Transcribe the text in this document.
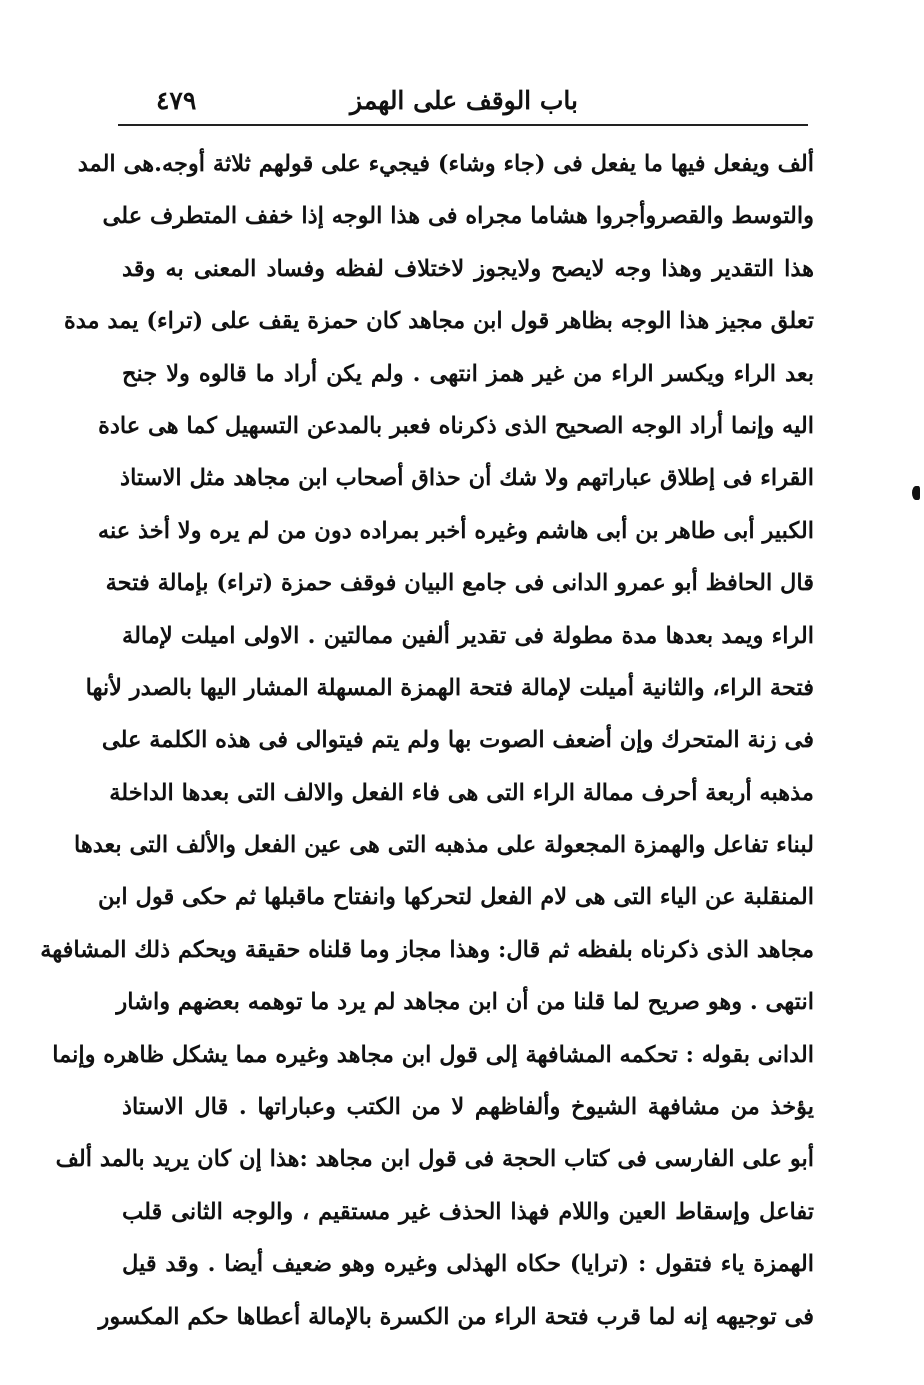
باب الوقف على الهمز
٤٧٩
ألف ويفعل فيها ما يفعل فى (جاء وشاء) فيجيء على قولهم ثلاثة أوجه.هى المد
والتوسط والقصروأجروا هشاما مجراه فى هذا الوجه إذا خفف المتطرف على
هذا التقدير وهذا وجه لايصح ولايجوز لاختلاف لفظه وفساد المعنى به وقد
تعلق مجيز هذا الوجه بظاهر قول ابن مجاهد كان حمزة يقف على (تراء) يمد مدة
بعد الراء ويكسر الراء من غير همز انتهى . ولم يكن أراد ما قالوه ولا جنح
اليه وإنما أراد الوجه الصحيح الذى ذكرناه فعبر بالمدعن التسهيل كما هى عادة
القراء فى إطلاق عباراتهم ولا شك أن حذاق أصحاب ابن مجاهد مثل الاستاذ
الكبير أبى طاهر بن أبى هاشم وغيره أخبر بمراده دون من لم يره ولا أخذ عنه
قال الحافظ أبو عمرو الدانى فى جامع البيان فوقف حمزة (تراء) بإمالة فتحة
الراء ويمد بعدها مدة مطولة فى تقدير ألفين ممالتين . الاولى اميلت لإمالة
فتحة الراء، والثانية أميلت لإمالة فتحة الهمزة المسهلة المشار اليها بالصدر لأنها
فى زنة المتحرك وإن أضعف الصوت بها ولم يتم فيتوالى فى هذه الكلمة على
مذهبه أربعة أحرف ممالة الراء التى هى فاء الفعل والالف التى بعدها الداخلة
لبناء تفاعل والهمزة المجعولة على مذهبه التى هى عين الفعل والألف التى بعدها
المنقلبة عن الياء التى هى لام الفعل لتحركها وانفتاح ماقبلها ثم حكى قول ابن
مجاهد الذى ذكرناه بلفظه ثم قال: وهذا مجاز وما قلناه حقيقة ويحكم ذلك المشافهة
انتهى . وهو صريح لما قلنا من أن ابن مجاهد لم يرد ما توهمه بعضهم واشار
الدانى بقوله : تحكمه المشافهة إلى قول ابن مجاهد وغيره مما يشكل ظاهره وإنما
يؤخذ من مشافهة الشيوخ وألفاظهم لا من الكتب وعباراتها . قال الاستاذ
أبو على الفارسى فى كتاب الحجة فى قول ابن مجاهد :هذا إن كان يريد بالمد ألف
تفاعل وإسقاط العين واللام فهذا الحذف غير مستقيم ، والوجه الثانى قلب
الهمزة ياء فتقول : (ترايا) حكاه الهذلى وغيره وهو ضعيف أيضا . وقد قيل
فى توجيهه إنه لما قرب فتحة الراء من الكسرة بالإمالة أعطاها حكم المكسور
